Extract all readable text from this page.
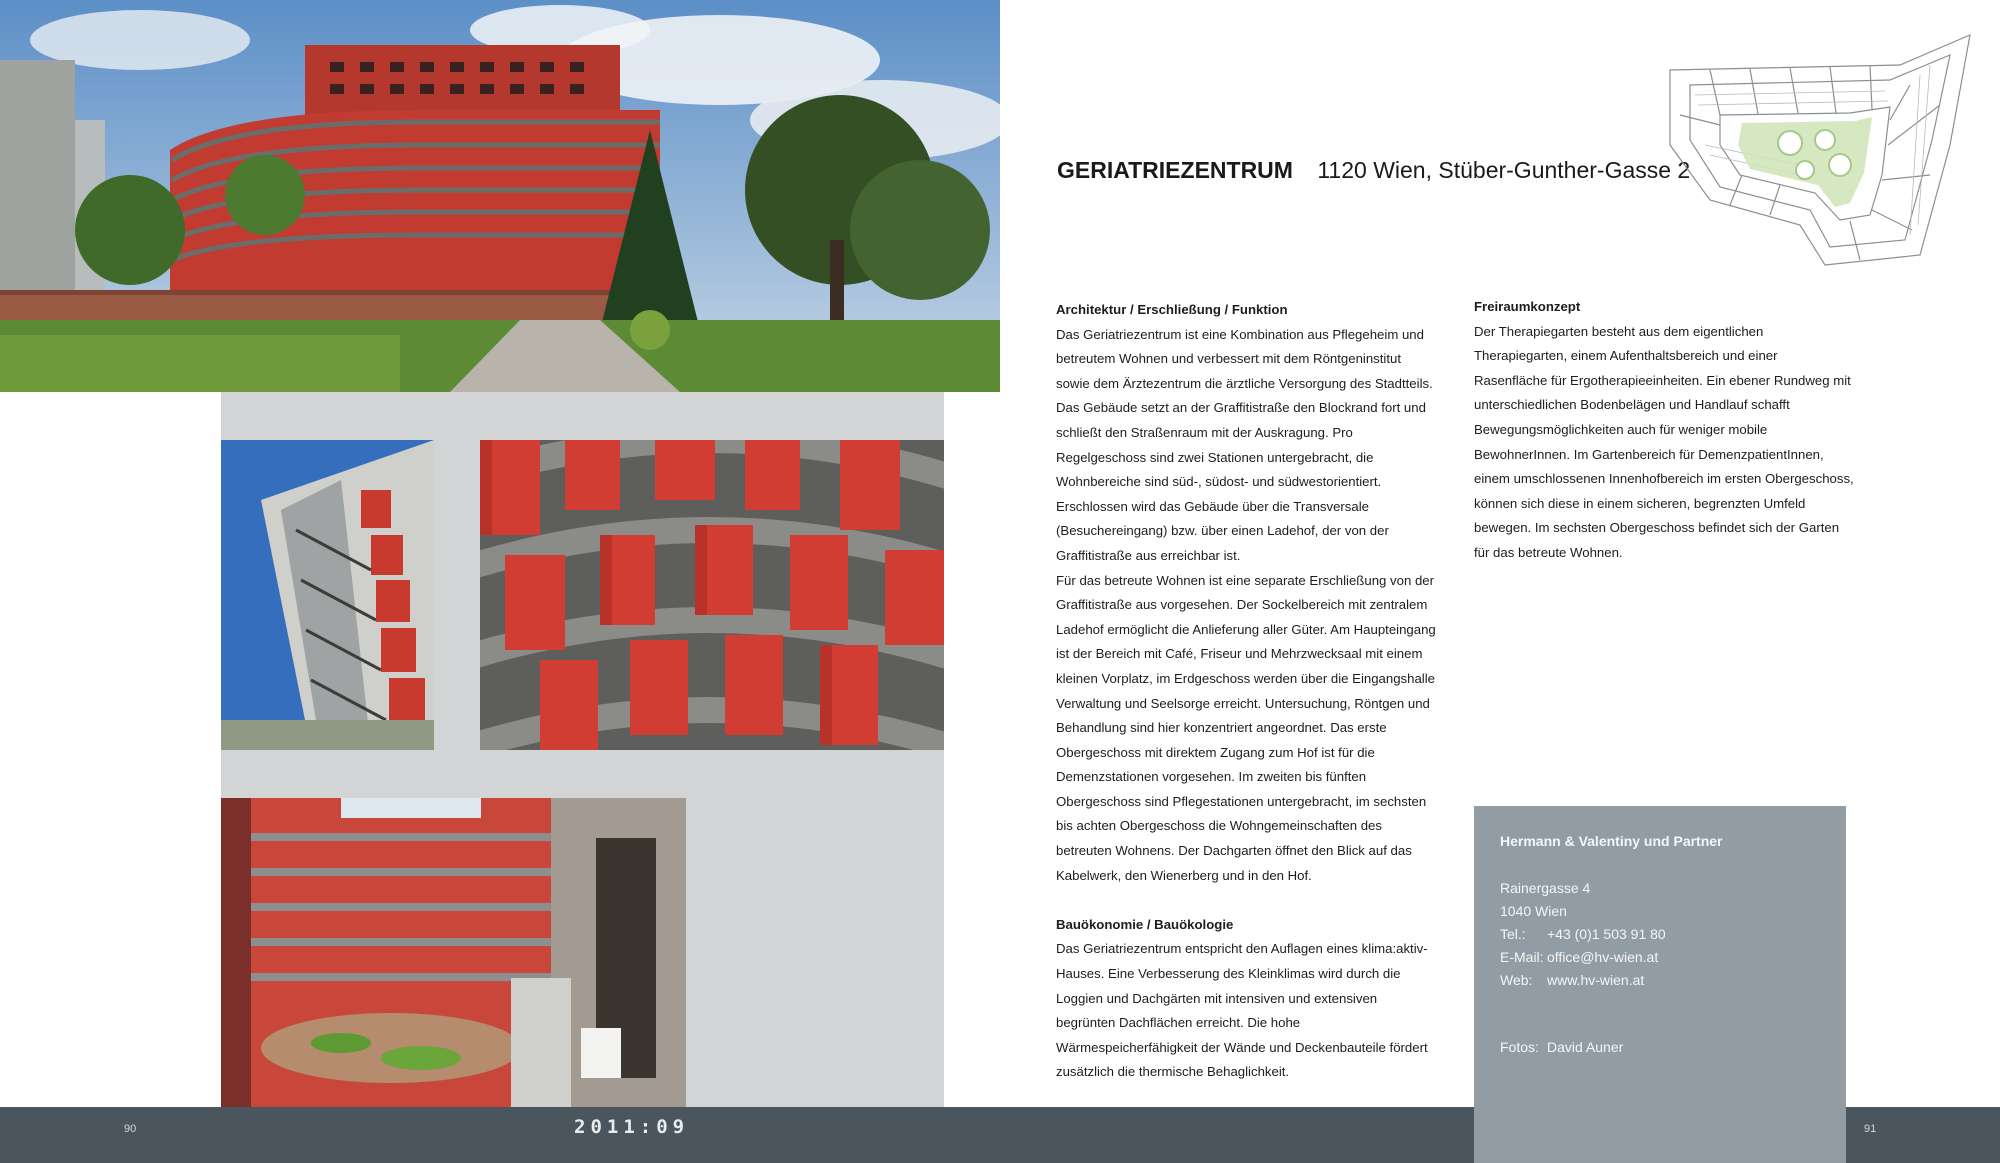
90	2011:09	91
GERIATRIEZENTRUM 1120 Wien, Stüber-Gunther-Gasse 2
Architektur / Erschließung / Funktion

Das Geriatriezentrum ist eine Kombination aus Pflegeheim und betreutem Wohnen und verbessert mit dem Röntgeninstitut sowie dem Ärztezentrum die ärztliche Versorgung des Stadtteils. Das Gebäude setzt an der Graffitistraße den Blockrand fort und schließt den Straßenraum mit der Auskragung. Pro Regelgeschoss sind zwei Stationen untergebracht, die Wohnbereiche sind süd-, südost- und südwestorientiert. Erschlossen wird das Gebäude über die Transversale (Besuchereingang) bzw. über einen Ladehof, der von der Graffitistraße aus erreichbar ist.

Für das betreute Wohnen ist eine separate Erschließung von der Graffitistraße aus vorgesehen. Der Sockelbereich mit zentralem Ladehof ermöglicht die Anlieferung aller Güter. Am Haupteingang ist der Bereich mit Café, Friseur und Mehrzwecksaal mit einem kleinen Vorplatz, im Erdgeschoss werden über die Eingangshalle Verwaltung und Seelsorge erreicht. Untersuchung, Röntgen und Behandlung sind hier konzentriert angeordnet. Das erste Obergeschoss mit direktem Zugang zum Hof ist für die Demenzstationen vorgesehen. Im zweiten bis fünften Obergeschoss sind Pflegestationen untergebracht, im sechsten bis achten Obergeschoss die Wohngemeinschaften des betreuten Wohnens. Der Dachgarten öffnet den Blick auf das Kabelwerk, den Wienerberg und in den Hof.

Bauökonomie / Bauökologie

Das Geriatriezentrum entspricht den Auflagen eines klima:aktiv-Hauses. Eine Verbesserung des Kleinklimas wird durch die Loggien und Dachgärten mit intensiven und extensiven begrünten Dachflächen erreicht. Die hohe Wärmespeicherfähigkeit der Wände und Deckenbauteile fördert zusätzlich die thermische Behaglichkeit.

Freiraumkonzept

Der Therapiegarten besteht aus dem eigentlichen Therapiegarten, einem Aufenthaltsbereich und einer Rasenfläche für Ergotherapieeinheiten. Ein ebener Rundweg mit unterschiedlichen Bodenbelägen und Handlauf schafft Bewegungsmöglichkeiten auch für weniger mobile BewohnerInnen. Im Gartenbereich für DemenzpatientInnen, einem umschlossenen Innenhofbereich im ersten Obergeschoss, können sich diese in einem sicheren, begrenzten Umfeld bewegen. Im sechsten Obergeschoss befindet sich der Garten für das betreute Wohnen.

Hermann & Valentiny und Partner
Rainergasse 4
1040 Wien
Tel.: +43 (0)1 503 91 80
E-Mail: office@hv-wien.at
Web: www.hv-wien.at
Fotos: David Auner
